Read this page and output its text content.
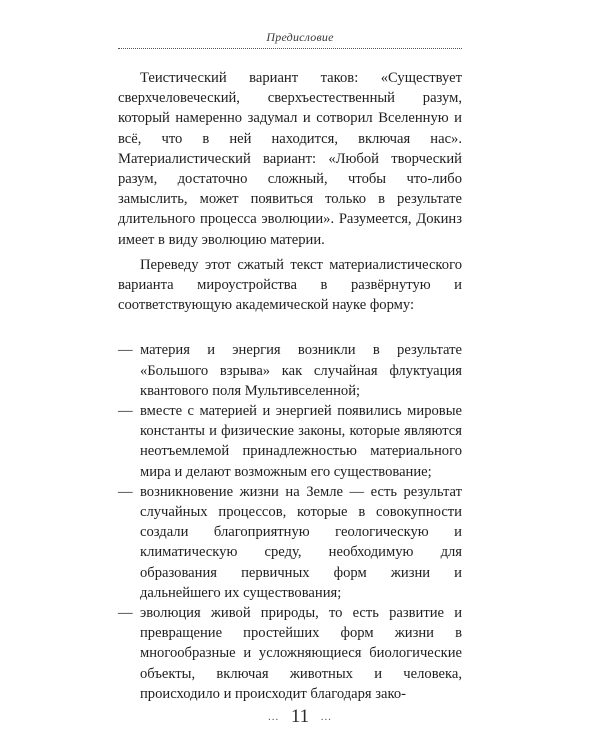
Предисловие

Теистический вариант таков: «Существует сверхчеловеческий, сверхъестественный разум, который намеренно задумал и сотворил Вселенную и всё, что в ней находится, включая нас». Материалистический вариант: «Любой творческий разум, достаточно сложный, чтобы что-либо замыслить, может появиться только в результате длительного процесса эволюции». Разумеется, Докинз имеет в виду эволюцию материи.

Переведу этот сжатый текст материалистического варианта мироустройства в развёрнутую и соответствующую академической науке форму:

— материя и энергия возникли в результате «Большого взрыва» как случайная флуктуация квантового поля Мультивселенной;
— вместе с материей и энергией появились мировые константы и физические законы, которые являются неотъемлемой принадлежностью материального мира и делают возможным его существование;
— возникновение жизни на Земле — есть результат случайных процессов, которые в совокупности создали благоприятную геологическую и климатическую среду, необходимую для образования первичных форм жизни и дальнейшего их существования;
— эволюция живой природы, то есть развитие и превращение простейших форм жизни в многообразные и усложняющиеся биологические объекты, включая животных и человека, происходило и происходит благодаря зако-
… 11 …
